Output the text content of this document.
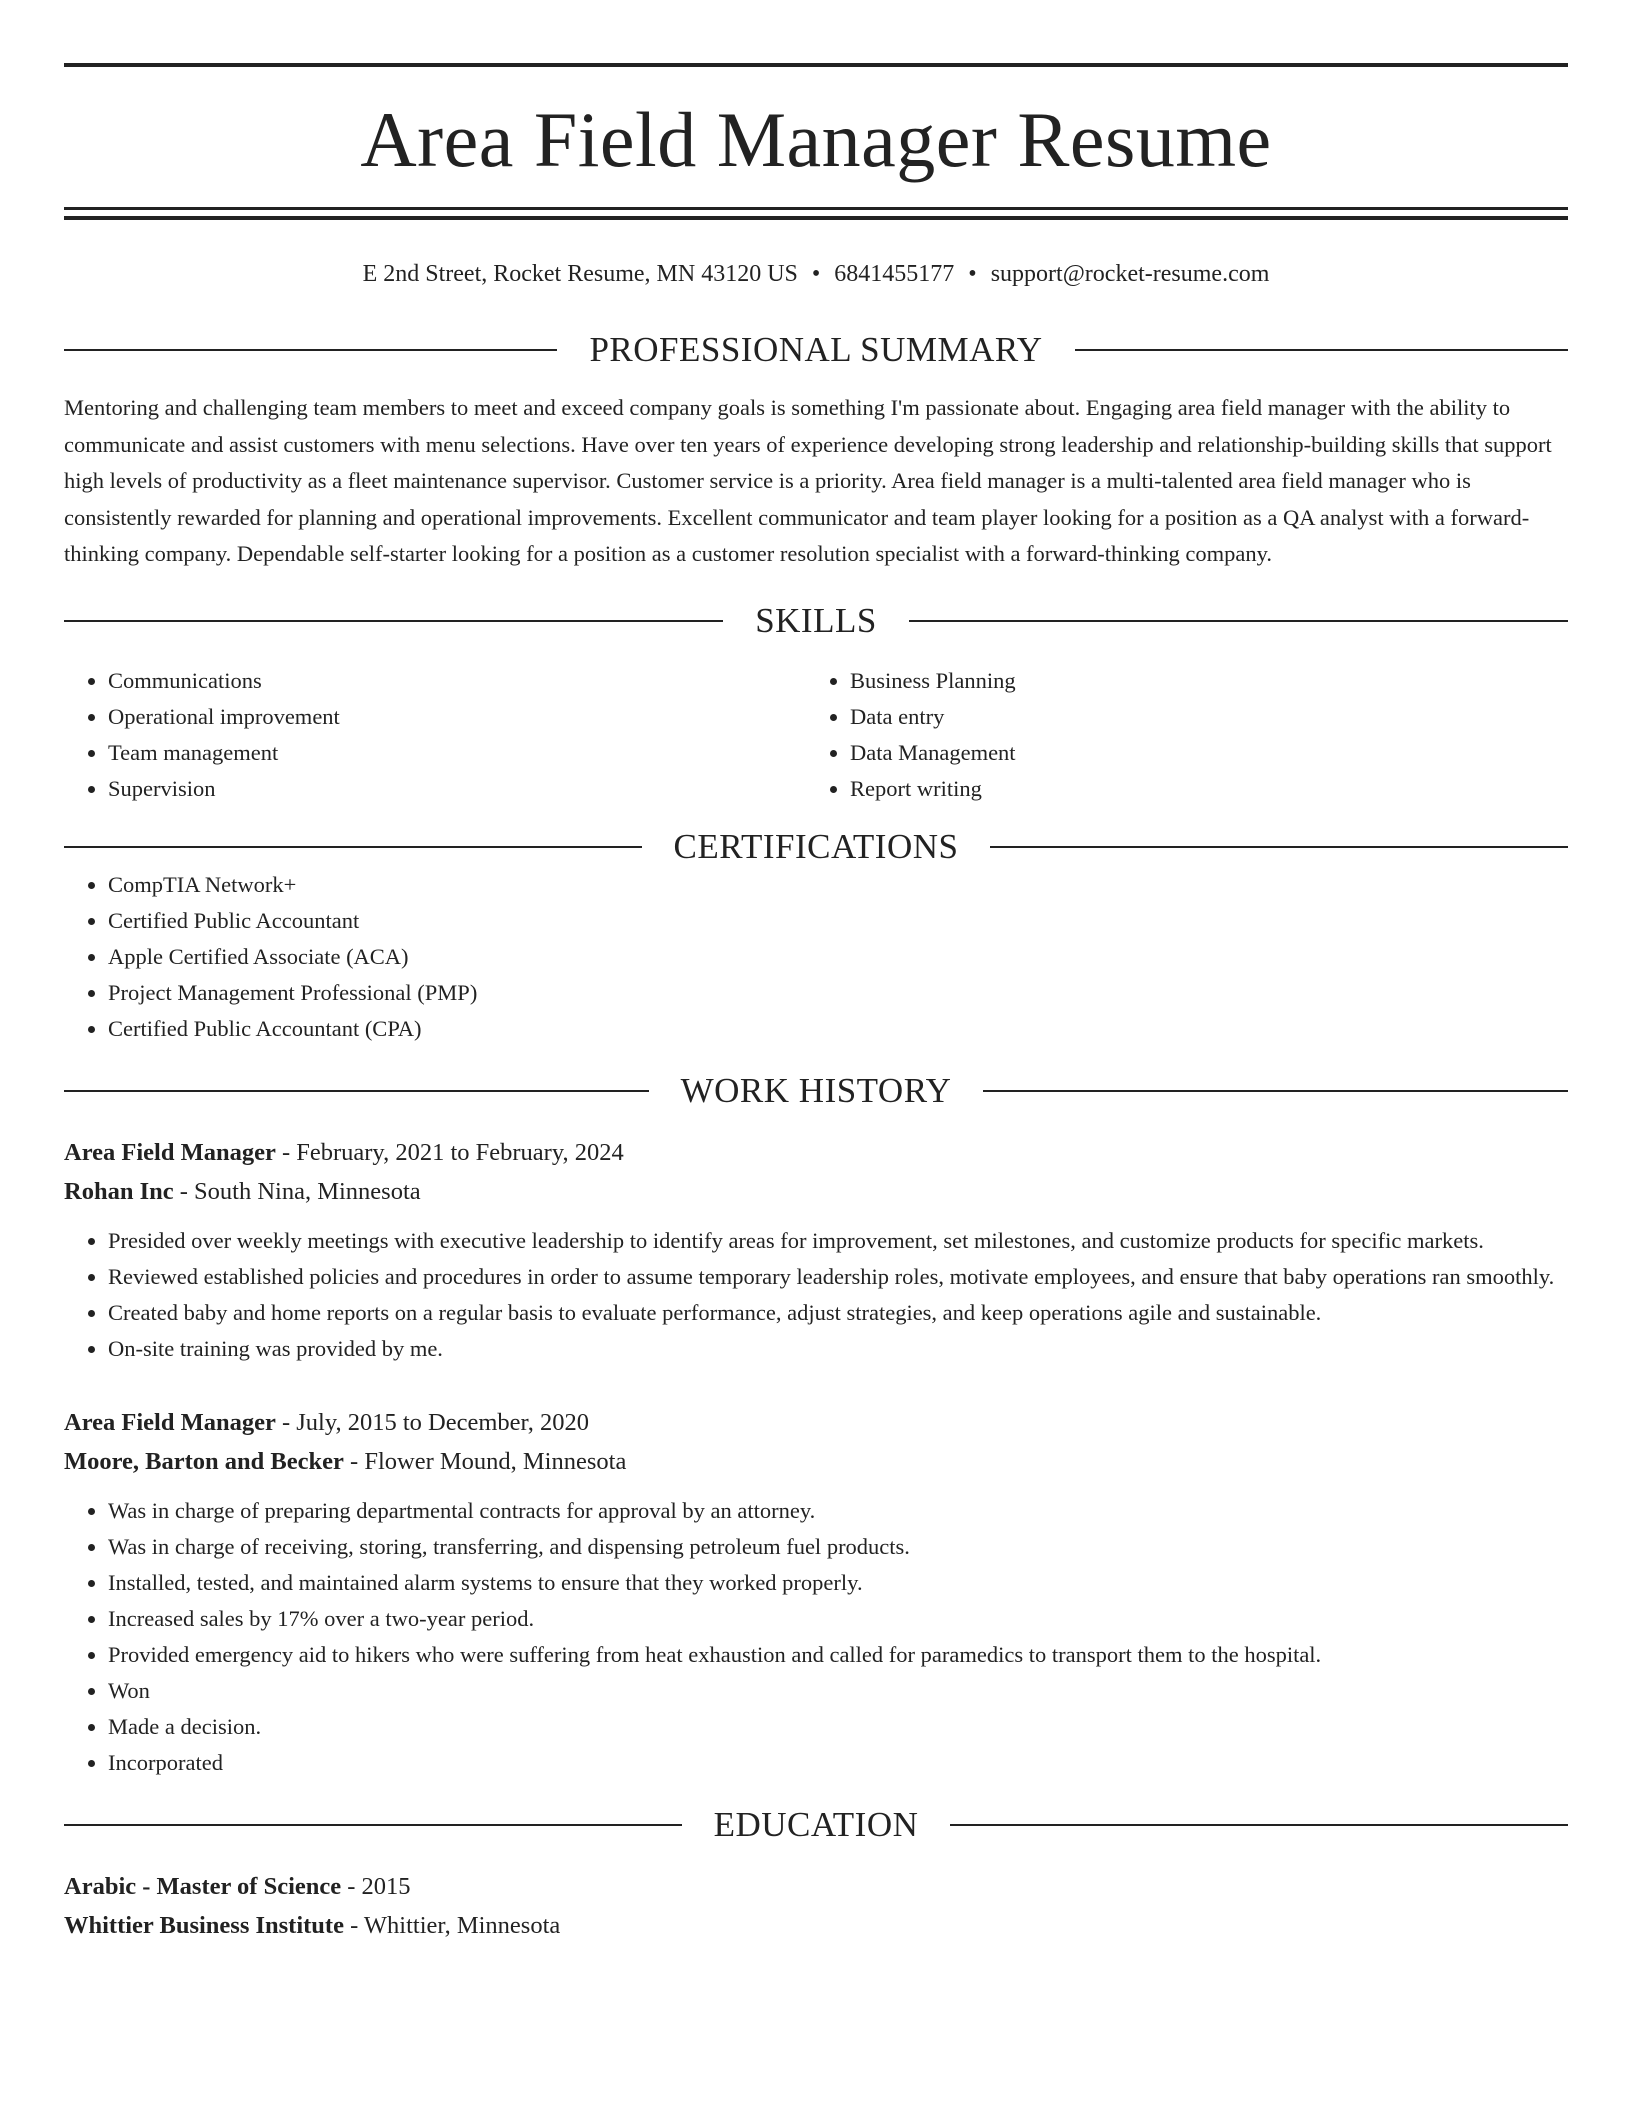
Area Field Manager Resume
E 2nd Street, Rocket Resume, MN 43120 US • 6841455177 • support@rocket-resume.com
PROFESSIONAL SUMMARY

Mentoring and challenging team members to meet and exceed company goals is something I'm passionate about. Engaging area field manager with the ability to communicate and assist customers with menu selections. Have over ten years of experience developing strong leadership and relationship-building skills that support high levels of productivity as a fleet maintenance supervisor. Customer service is a priority. Area field manager is a multi-talented area field manager who is consistently rewarded for planning and operational improvements. Excellent communicator and team player looking for a position as a QA analyst with a forward-thinking company. Dependable self-starter looking for a position as a customer resolution specialist with a forward-thinking company.

SKILLS
• Communications
• Operational improvement
• Team management
• Supervision
• Business Planning
• Data entry
• Data Management
• Report writing
CERTIFICATIONS
• CompTIA Network+
• Certified Public Accountant
• Apple Certified Associate (ACA)
• Project Management Professional (PMP)
• Certified Public Accountant (CPA)
WORK HISTORY
Area Field Manager - February, 2021 to February, 2024
Rohan Inc - South Nina, Minnesota
• Presided over weekly meetings with executive leadership to identify areas for improvement, set milestones, and customize products for specific markets.
• Reviewed established policies and procedures in order to assume temporary leadership roles, motivate employees, and ensure that baby operations ran smoothly.
• Created baby and home reports on a regular basis to evaluate performance, adjust strategies, and keep operations agile and sustainable.
• On-site training was provided by me.
Area Field Manager - July, 2015 to December, 2020
Moore, Barton and Becker - Flower Mound, Minnesota
• Was in charge of preparing departmental contracts for approval by an attorney.
• Was in charge of receiving, storing, transferring, and dispensing petroleum fuel products.
• Installed, tested, and maintained alarm systems to ensure that they worked properly.
• Increased sales by 17% over a two-year period.
• Provided emergency aid to hikers who were suffering from heat exhaustion and called for paramedics to transport them to the hospital.
• Won
• Made a decision.
• Incorporated
EDUCATION
Arabic - Master of Science - 2015
Whittier Business Institute - Whittier, Minnesota
